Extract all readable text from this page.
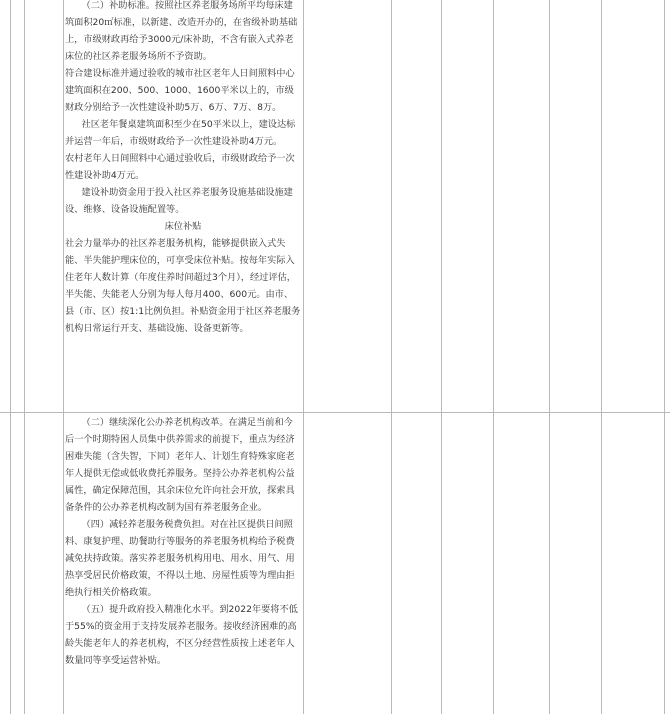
（二）补助标准。按照社区养老服务场所平均每床建筑面积20㎡标准，以新建、改造开办的，在省级补助基础上，市级财政再给予3000元/床补助，不含有嵌入式养老床位的社区养老服务场所不予资助。

符合建设标准并通过验收的城市社区老年人日间照料中心建筑面积在200、500、1000、1600平米以上的，市级财政分别给予一次性建设补助5万、6万、7万、8万。

社区老年餐桌建筑面积至少在50平米以上，建设达标并运营一年后，市级财政给予一次性建设补助4万元。

农村老年人日间照料中心通过验收后，市级财政给予一次性建设补助4万元。

建设补助资金用于投入社区养老服务设施基础设施建设、维修、设备设施配置等。

床位补贴

社会力量举办的社区养老服务机构，能够提供嵌入式失能、半失能护理床位的，可享受床位补贴。按每年实际入住老年人数计算（年度住养时间超过3个月），经过评估，半失能、失能老人分别为每人每月400、600元。由市、县（市、区）按1:1比例负担。补贴资金用于社区养老服务机构日常运行开支、基础设施、设备更新等。

（二）继续深化公办养老机构改革。在满足当前和今后一个时期特困人员集中供养需求的前提下，重点为经济困难失能（含失智，下同）老年人、计划生育特殊家庭老年人提供无偿或低收费托养服务。坚持公办养老机构公益属性，确定保障范围，其余床位允许向社会开放，探索具备条件的公办养老机构改制为国有养老服务企业。

（四）减轻养老服务税费负担。对在社区提供日间照料、康复护理、助餐助行等服务的养老服务机构给予税费减免扶持政策。落实养老服务机构用电、用水、用气、用热享受居民价格政策，不得以土地、房屋性质等为理由拒绝执行相关价格政策。

（五）提升政府投入精准化水平。到2022年要将不低于55%的资金用于支持发展养老服务。接收经济困难的高龄失能老年人的养老机构，不区分经营性质按上述老年人数量同等享受运营补贴。
